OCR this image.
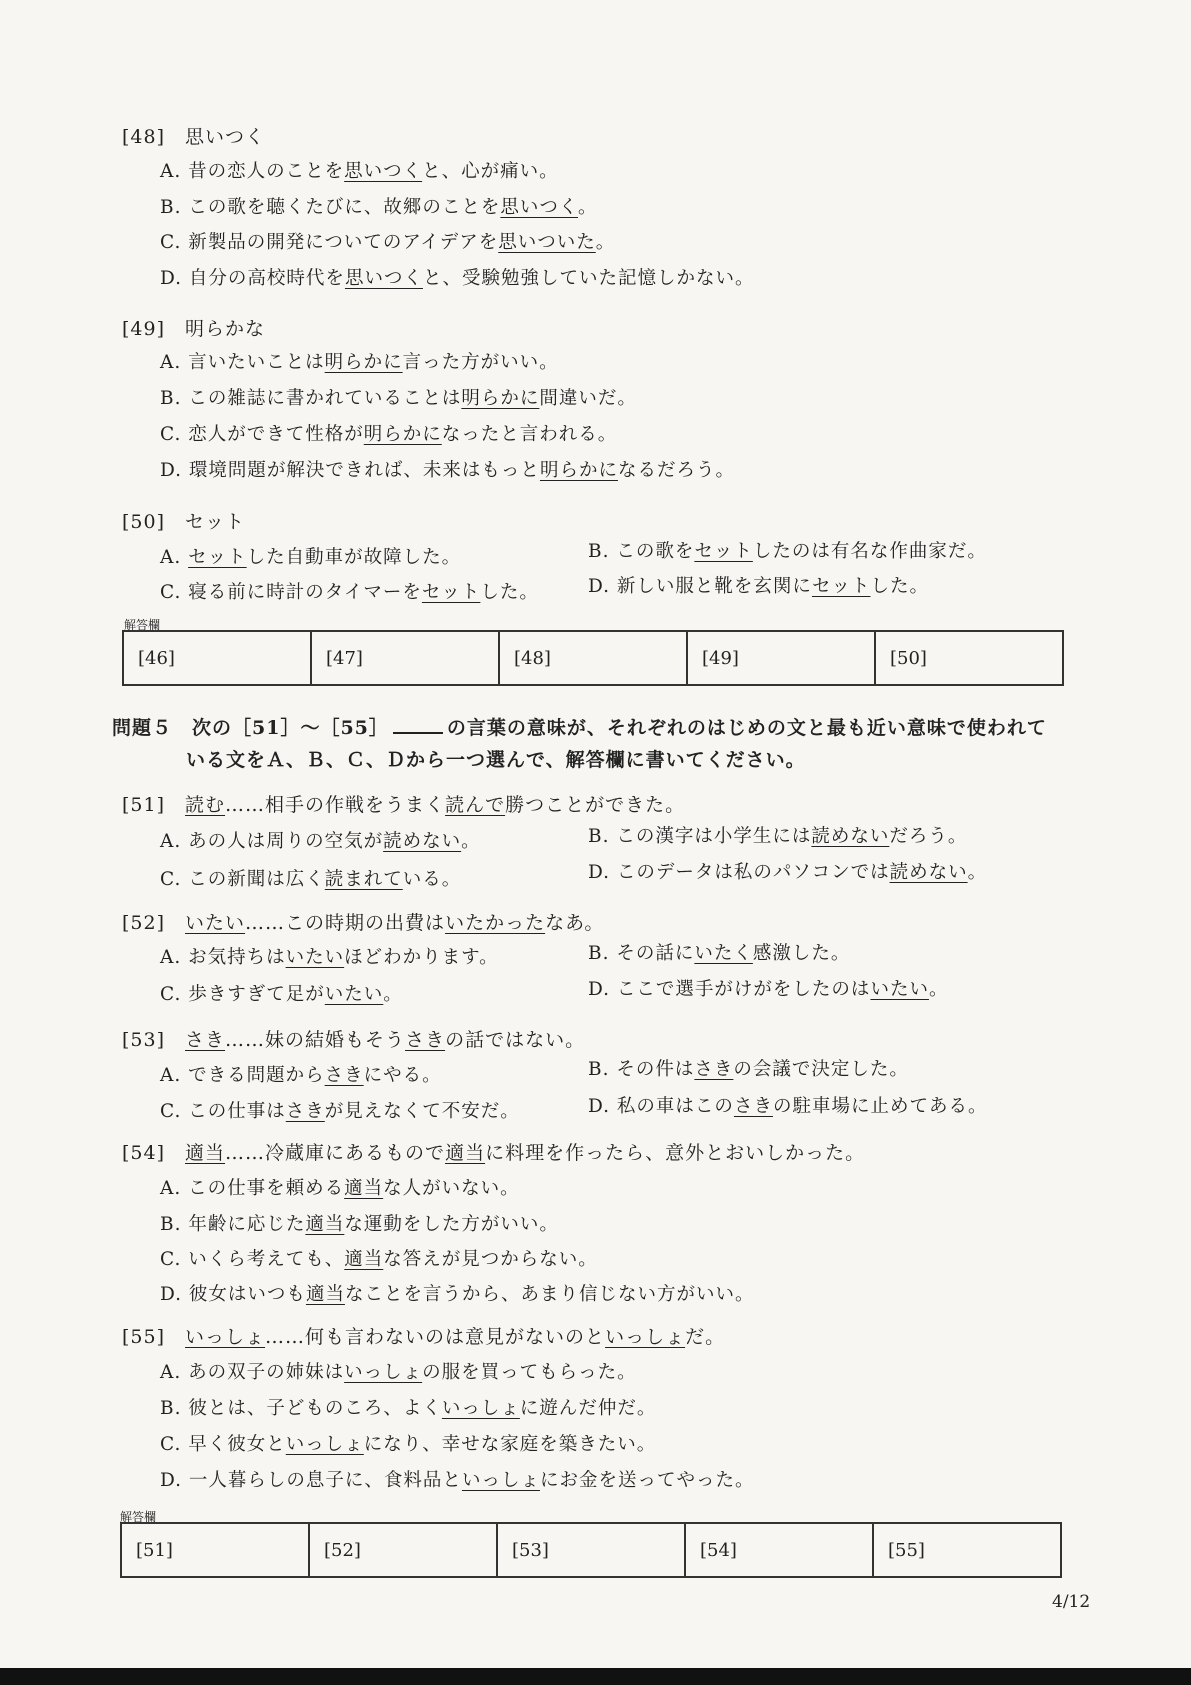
[48]　 思いつく
A. 昔の恋人のことを思いつくと、心が痛い。
B. この歌を聴くたびに、故郷のことを思いつく。
C. 新製品の開発についてのアイデアを思いついた。
D. 自分の高校時代を思いつくと、受験勉強していた記憶しかない。
[49]　 明らかな
A. 言いたいことは明らかに言った方がいい。
B. この雑誌に書かれていることは明らかに間違いだ。
C. 恋人ができて性格が明らかになったと言われる。
D. 環境問題が解決できれば、未来はもっと明らかになるだろう。
[50]　 セット
A. セットした自動車が故障した。	B. この歌をセットしたのは有名な作曲家だ。
C. 寝る前に時計のタイマーをセットした。	D. 新しい服と靴を玄関にセットした。
解答欄
[46]	[47]	[48]	[49]	[50]
問題５　次の［51］～［55］	の言葉の意味が、それぞれのはじめの文と最も近い意味で使われて
いる文をＡ、Ｂ、Ｃ、Ｄから一つ選んで、解答欄に書いてください。
[51]　 読む……相手の作戦をうまく読んで勝つことができた。
A. あの人は周りの空気が読めない。	B. この漢字は小学生には読めないだろう。
C. この新聞は広く読まれている。	D. このデータは私のパソコンでは読めない。
[52]　 いたい……この時期の出費はいたかったなあ。
A. お気持ちはいたいほどわかります。	B. その話にいたく感激した。
C. 歩きすぎて足がいたい。	D. ここで選手がけがをしたのはいたい。
[53]　 さき……妹の結婚もそうさきの話ではない。
A. できる問題からさきにやる。	B. その件はさきの会議で決定した。
C. この仕事はさきが見えなくて不安だ。	D. 私の車はこのさきの駐車場に止めてある。
[54]　 適当……冷蔵庫にあるもので適当に料理を作ったら、意外とおいしかった。
A. この仕事を頼める適当な人がいない。
B. 年齢に応じた適当な運動をした方がいい。
C. いくら考えても、適当な答えが見つからない。
D. 彼女はいつも適当なことを言うから、あまり信じない方がいい。
[55]　 いっしょ……何も言わないのは意見がないのといっしょだ。
A. あの双子の姉妹はいっしょの服を買ってもらった。
B. 彼とは、子どものころ、よくいっしょに遊んだ仲だ。
C. 早く彼女といっしょになり、幸せな家庭を築きたい。
D. 一人暮らしの息子に、食料品といっしょにお金を送ってやった。
解答欄
[51]	[52]	[53]	[54]	[55]
4/12
